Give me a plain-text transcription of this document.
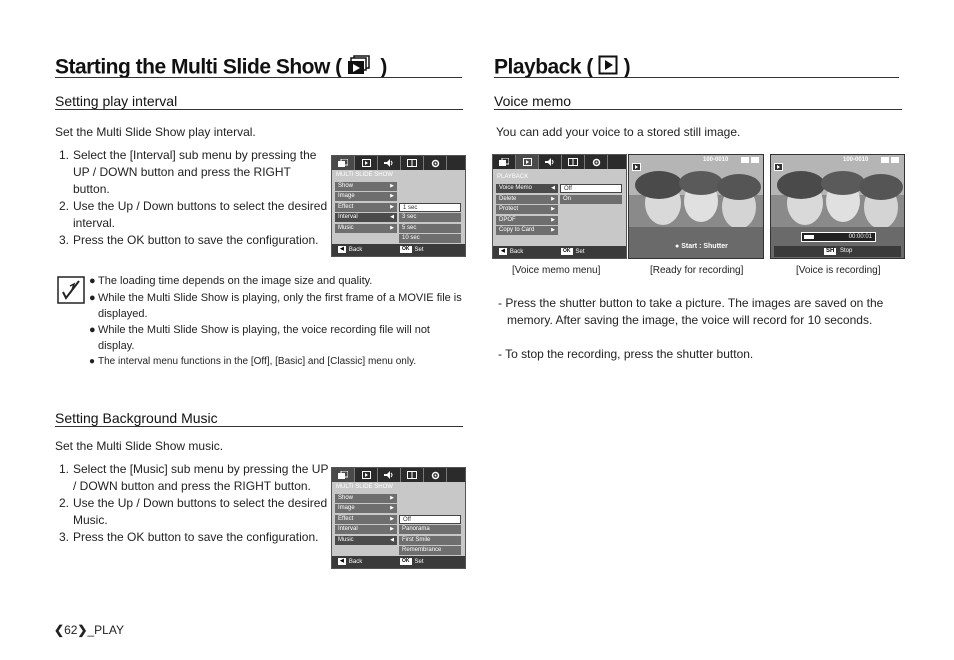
Starting the Multi Slide Show ( )
Setting play interval
Set the Multi Slide Show play interval.
1. Select the [Interval] sub menu by pressing the UP / DOWN button and press the RIGHT button.
2. Use the Up / Down buttons to select the desired interval.
3. Press the OK button to save the configuration.
MULTI SLIDE SHOW
Show	▶
Image	▶
Effect	▶
Interval	◀
Music	▶
1 sec
3 sec
5 sec
10 sec
◀ Back	OK Set
● The loading time depends on the image size and quality.
● While the Multi Slide Show is playing, only the first frame of a MOVIE file is displayed.
● While the Multi Slide Show is playing, the voice recording file will not display.
● The interval menu functions in the [Off], [Basic] and [Classic] menu only.
Setting Background Music
Set the Multi Slide Show music.
1. Select the [Music] sub menu by pressing the UP / DOWN button and press the RIGHT button.
2. Use the Up / Down buttons to select the desired Music.
3. Press the OK button to save the configuration.
MULTI SLIDE SHOW
Show	▶
Image	▶
Effect	▶
Interval	▶
Music	◀
Off
Panorama
First Smile
Remembrance
◀ Back	OK Set
Playback ( )
Voice memo
You can add your voice to a stored still image.
PLAYBACK
Voice Memo	◀
Delete	▶
Protect	▶
DPOF	▶
Copy to Card	▶
Off
On
◀ Back	OK Set
100-0010
● Start : Shutter
100-0010
00:00:01
SH Stop
[Voice memo menu]	[Ready for recording]	[Voice is recording]
- Press the shutter button to take a picture. The images are saved on the memory. After saving the image, the voice will record for 10 seconds.
- To stop the recording, press the shutter button.
❮62❯_PLAY
